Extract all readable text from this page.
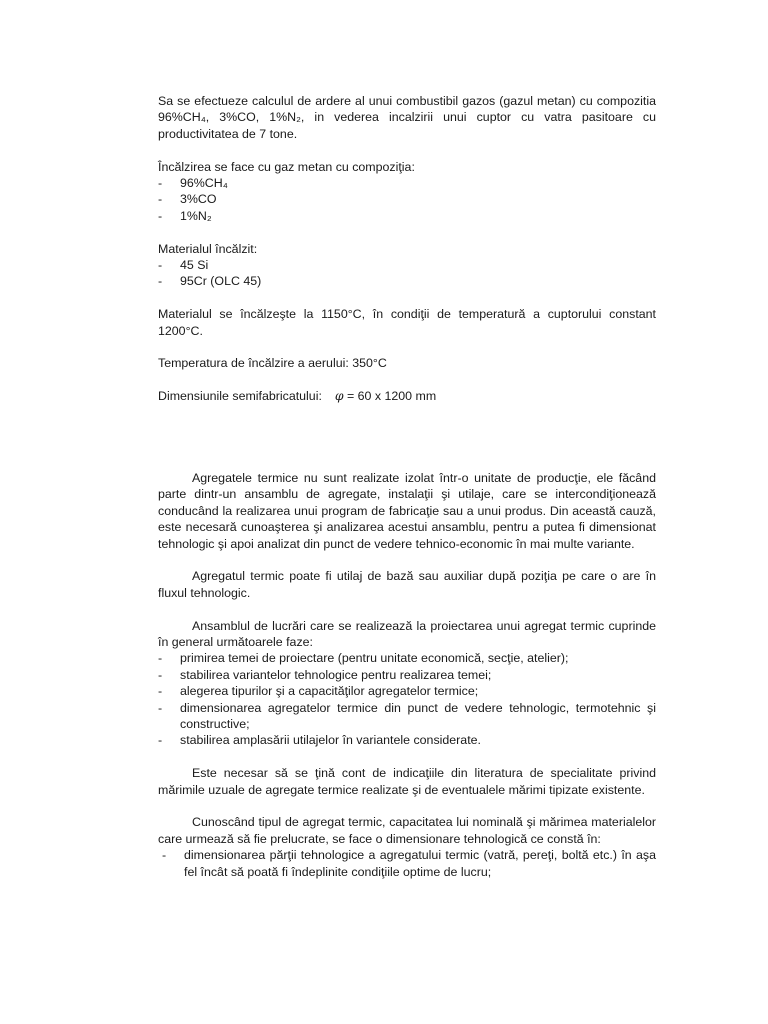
Sa se efectueze calculul de ardere al unui combustibil gazos (gazul metan) cu compozitia 96%CH₄, 3%CO, 1%N₂, in vederea incalzirii unui cuptor cu vatra pasitoare cu productivitatea de 7 tone.
Încălzirea se face cu gaz metan cu compoziţia:
- 96%CH₄
- 3%CO
- 1%N₂
Materialul încălzit:
- 45 Si
- 95Cr (OLC 45)
Materialul se încălzeşte la 1150°C, în condiţii de temperatură a cuptorului constant 1200°C.
Temperatura de încălzire a aerului: 350°C
Dimensiunile semifabricatului: φ = 60 x 1200 mm
Agregatele termice nu sunt realizate izolat într-o unitate de producţie, ele făcând parte dintr-un ansamblu de agregate, instalaţii şi utilaje, care se intercondiţionează conducând la realizarea unui program de fabricaţie sau a unui produs. Din această cauză, este necesară cunoaşterea şi analizarea acestui ansamblu, pentru a putea fi dimensionat tehnologic şi apoi analizat din punct de vedere tehnico-economic în mai multe variante.
Agregatul termic poate fi utilaj de bază sau auxiliar după poziţia pe care o are în fluxul tehnologic.
Ansamblul de lucrări care se realizează la proiectarea unui agregat termic cuprinde în general următoarele faze:
- primirea temei de proiectare (pentru unitate economică, secţie, atelier);
- stabilirea variantelor tehnologice pentru realizarea temei;
- alegerea tipurilor şi a capacităţilor agregatelor termice;
- dimensionarea agregatelor termice din punct de vedere tehnologic, termotehnic şi constructive;
- stabilirea amplasării utilajelor în variantele considerate.
Este necesar să se ţină cont de indicaţiile din literatura de specialitate privind mărimile uzuale de agregate termice realizate şi de eventualele mărimi tipizate existente.
Cunoscând tipul de agregat termic, capacitatea lui nominală şi mărimea materialelor care urmează să fie prelucrate, se face o dimensionare tehnologică ce constă în:
- dimensionarea părţii tehnologice a agregatului termic (vatră, pereţi, boltă etc.) în aşa fel încât să poată fi îndeplinite condiţiile optime de lucru;
